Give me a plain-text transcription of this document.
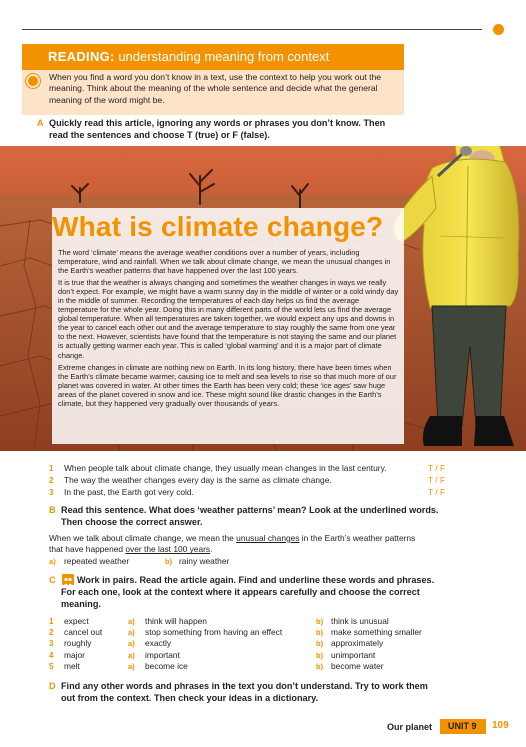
READING: understanding meaning from context
When you find a word you don’t know in a text, use the context to help you work out the meaning. Think about the meaning of the whole sentence and decide what the general meaning of the word might be.
A Quickly read this article, ignoring any words or phrases you don’t know. Then read the sentences and choose T (true) or F (false).
What is climate change?

The word ‘climate’ means the average weather conditions over a number of years, including temperature, wind and rainfall. When we talk about climate change, we mean the unusual changes in the Earth’s weather patterns that have happened over the last 100 years.

It is true that the weather is always changing and sometimes the weather changes in ways we really don’t expect. For example, we might have a warm sunny day in the middle of winter or a cold windy day in the middle of summer. Recording the temperatures of each day helps us find the average temperature for the whole year. Doing this in many different parts of the world lets us find the average global temperature. When all temperatures are taken together, we would expect any ups and downs in the year to cancel each other out and the average temperature to stay roughly the same from one year to the next. However, scientists have found that the temperature is not staying the same and our planet is actually getting warmer each year. This is called ‘global warming’ and it is a major part of climate change.

Extreme changes in climate are nothing new on Earth. In its long history, there have been times when the Earth’s climate became warmer, causing ice to melt and sea levels to rise so that much more of our planet was covered in water. At other times the Earth has been very cold; these ‘ice ages’ saw huge areas of the planet covered in snow and ice. These might sound like drastic changes in the Earth’s climate, but they happened very gradually over thousands of years.

1 When people talk about climate change, they usually mean changes in the last century.	T / F
2 The way the weather changes every day is the same as climate change.	T / F
3 In the past, the Earth got very cold.	T / F
B Read this sentence. What does ‘weather patterns’ mean? Look at the underlined words. Then choose the correct answer.
When we talk about climate change, we mean the unusual changes in the Earth’s weather patterns
that have happened over the last 100 years.
a) repeated weather	b) rainy weather
C	Work in pairs. Read the article again. Find and underline these words and phrases. For each one, look at the context where it appears carefully and choose the correct meaning.
1 expect	a) think will happen	b) think is unusual
2 cancel out	a) stop something from having an effect	b) make something smaller
3 roughly	a) exactly	b) approximately
4 major	a) important	b) unimportant
5 melt	a) become ice	b) become water
D Find any other words and phrases in the text you don’t understand. Try to work them out from the context. Then check your ideas in a dictionary.
Our planet	UNIT 9	109
